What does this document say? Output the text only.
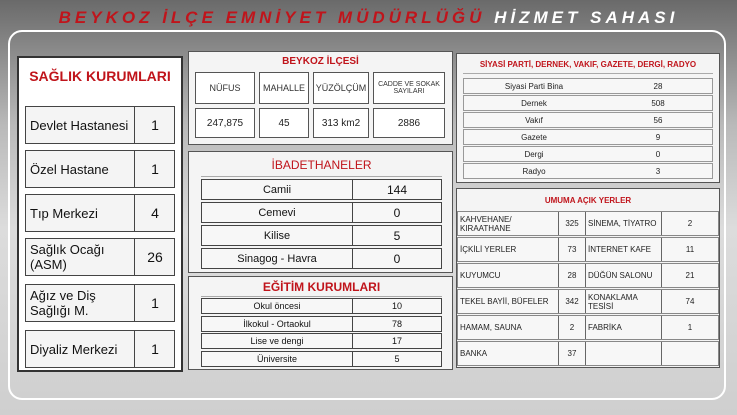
BEYKOZ İLÇE EMNİYET MÜDÜRLÜĞÜ HİZMET SAHASI
SAĞLIK KURUMLARI
Devlet Hastanesi	1
Özel Hastane	1
Tıp Merkezi	4
Sağlık Ocağı (ASM)	26
Ağız ve Diş Sağlığı M.	1
Diyaliz Merkezi	1
BEYKOZ İLÇESİ
NÜFUS	MAHALLE	YÜZÖLÇÜM	CADDE VE SOKAK SAYILARI
247,875	45	313 km2	2886
İBADETHANELER
Camii	144
Cemevi	0
Kilise	5
Sinagog - Havra	0
EĞİTİM KURUMLARI
Okul öncesi	10
İlkokul - Ortaokul	78
Lise ve dengi	17
Üniversite	5
SİYASİ PARTİ, DERNEK, VAKIF, GAZETE, DERGİ, RADYO
Siyasi Parti Bina	28
Dernek	508
Vakıf	56
Gazete	9
Dergi	0
Radyo	3
UMUMA AÇIK YERLER
KAHVEHANE/ KIRAATHANE	325	SİNEMA, TİYATRO	2
İÇKİLİ YERLER	73	İNTERNET KAFE	11
KUYUMCU	28	DÜĞÜN SALONU	21
TEKEL BAYİİ, BÜFELER	342	KONAKLAMA TESİSİ	74
HAMAM, SAUNA	2	FABRİKA	1
BANKA	37
